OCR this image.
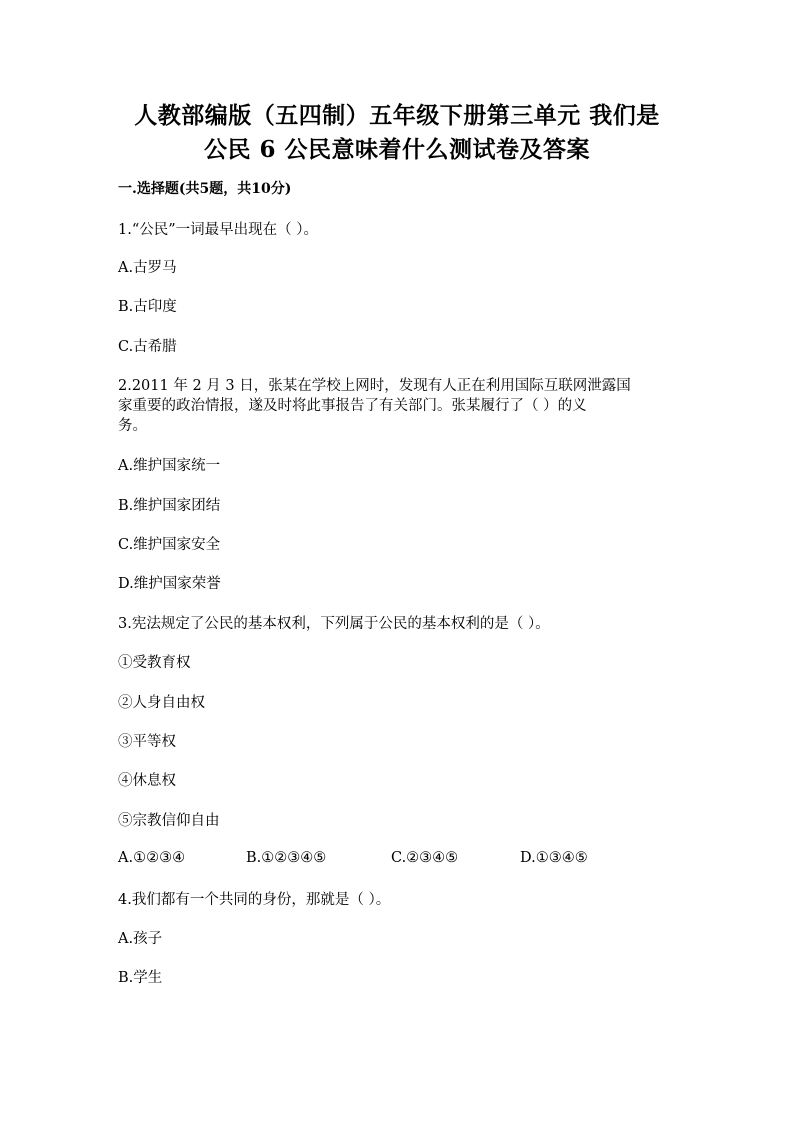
人教部编版（五四制）五年级下册第三单元 我们是
公民 6 公民意味着什么测试卷及答案
一.选择题(共5题，共10分)
1.“公民”一词最早出现在（ ）。
A.古罗马
B.古印度
C.古希腊
2.2011 年 2 月 3 日，张某在学校上网时，发现有人正在利用国际互联网泄露国
家重要的政治情报，遂及时将此事报告了有关部门。张某履行了（ ）的义
务。
A.维护国家统一
B.维护国家团结
C.维护国家安全
D.维护国家荣誉
3.宪法规定了公民的基本权利，下列属于公民的基本权利的是（ ）。
①受教育权
②人身自由权
③平等权
④休息权
⑤宗教信仰自由
A.①②③④	B.①②③④⑤	C.②③④⑤	D.①③④⑤
4.我们都有一个共同的身份，那就是（ ）。
A.孩子
B.学生
